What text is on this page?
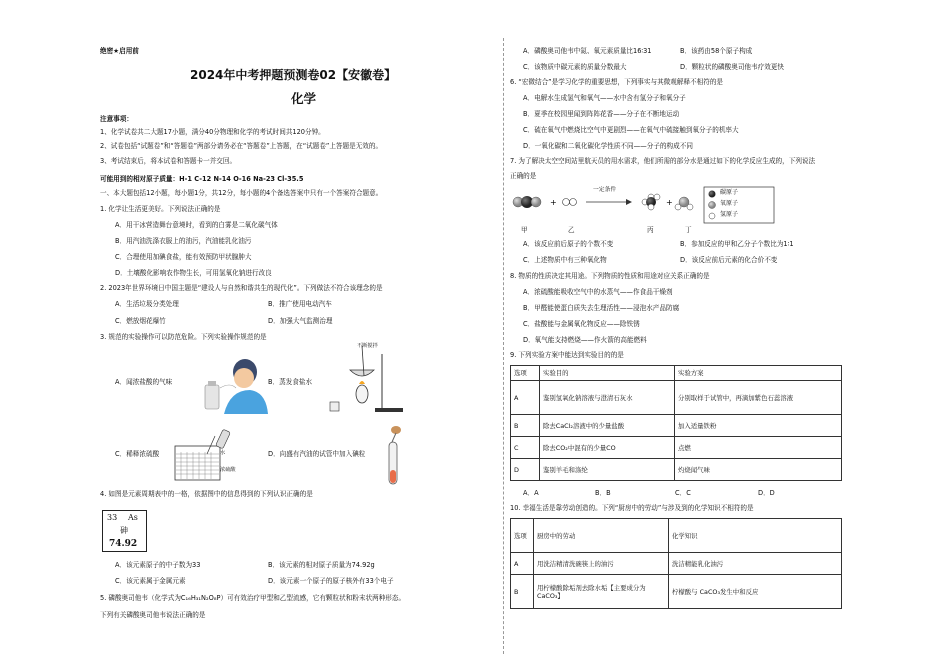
绝密★启用前
2024年中考押题预测卷02【安徽卷】
化学
注意事项：
1、化学试卷共二大题17小题，满分40分物理和化学的考试时间共120分钟。
2、试卷包括“试题卷”和“答题卷”两部分请务必在“答题卷”上答题，在“试题卷”上答题是无效的。
3、考试结束后，将本试卷和答题卡一并交回。
可能用到的相对原子质量：H-1 C-12 N-14 O-16 Na-23 Cl-35.5
一、本大题包括12小题，每小题1分，共12分，每小题的4个备选答案中只有一个答案符合题意。
1. 化学让生活更美好。下列说法正确的是
A．用干冰营造舞台意境时，看到的白雾是二氧化碳气体
B．用汽油洗涤衣服上的油污，汽油能乳化油污
C．合理使用加碘食盐，能有效预防甲状腺肿大
D．土壤酸化影响农作物生长，可用氢氧化钠进行改良
2. 2023年世界环境日中国主题是“建设人与自然和谐共生的现代化”。下列做法不符合该理念的是
A．生活垃圾分类处理	B．推广使用电动汽车
C．燃放烟花爆竹	D．加强大气监测治理
3. 规范的实验操作可以防范危险。下列实验操作规范的是
A．闻浓盐酸的气味	B．蒸发食盐水
不断搅拌
C．稀释浓硫酸	水
浓硫酸
D．向盛有汽油的试管中加入碘粒
4. 如图是元素周期表中的一格，依据图中的信息得到的下列认识正确的是
33 As
砷
74.92
A．该元素原子的中子数为33	B．该元素的相对原子质量为74.92g
C．该元素属于金属元素	D．该元素一个原子的原子核外有33个电子
5. 磷酸奥司他韦（化学式为C₁₆H₃₁N₂O₈P）可有效治疗甲型和乙型流感，它有颗粒状和粉末状两种形态。
下列有关磷酸奥司他韦说法正确的是
A．磷酸奥司他韦中氮、氧元素质量比16∶31	B．该药由58个原子构成
C．该物质中碳元素的质量分数最大	D．颗粒状的磷酸奥司他韦疗效更快
6. “宏微结合”是学习化学的重要思想，下列事实与其微观解释不相符的是
A．电解水生成氢气和氧气——水中含有氢分子和氧分子
B．夏季在校园里闻到阵阵花香——分子在不断地运动
C．硫在氧气中燃烧比空气中更剧烈——在氧气中硫接触到氧分子的机率大
D．一氧化碳和二氧化碳化学性质不同——分子的构成不同
7. 为了解决太空空间站里航天员的用水需求，他们所需的部分水是通过如下的化学反应生成的，下列说法
正确的是
+	+
一定条件	碳原子
氧原子
氢原子
甲	乙	丙	丁
A．该反应前后原子的个数不变	B．参加反应的甲和乙分子个数比为1∶1
C．上述物质中有三种氧化物	D．该反应前后元素的化合价不变
8. 物质的性质决定其用途。下列物质的性质和用途对应关系正确的是
A．浓硫酸能吸收空气中的水蒸气——作食品干燥剂
B．甲醛能使蛋白质失去生理活性——浸泡水产品防腐
C．盐酸能与金属氧化物反应——除铁锈
D．氧气能支持燃烧——作火箭的高能燃料
9. 下列实验方案中能达到实验目的的是
选项	实验目的	实验方案
A	鉴别氢氧化钠溶液与澄清石灰水	分别取样于试管中，再滴加紫色石蕊溶液
B	除去CaCl₂溶液中的少量盐酸	加入适量铁粉
C	除去CO₂中混有的少量CO	点燃
D	鉴别羊毛和涤纶	灼烧闻气味
A．A	B．B	C．C	D．D
10. 幸福生活是靠劳动创造的。下列“厨房中的劳动”与涉及到的化学知识不相符的是
选项	厨房中的劳动	化学知识
A	用洗洁精清洗碗筷上的油污	洗洁精能乳化油污
B	用柠檬酸除垢剂去除水垢【主要成分为CaCO₃】	柠檬酸与 CaCO₃发生中和反应
